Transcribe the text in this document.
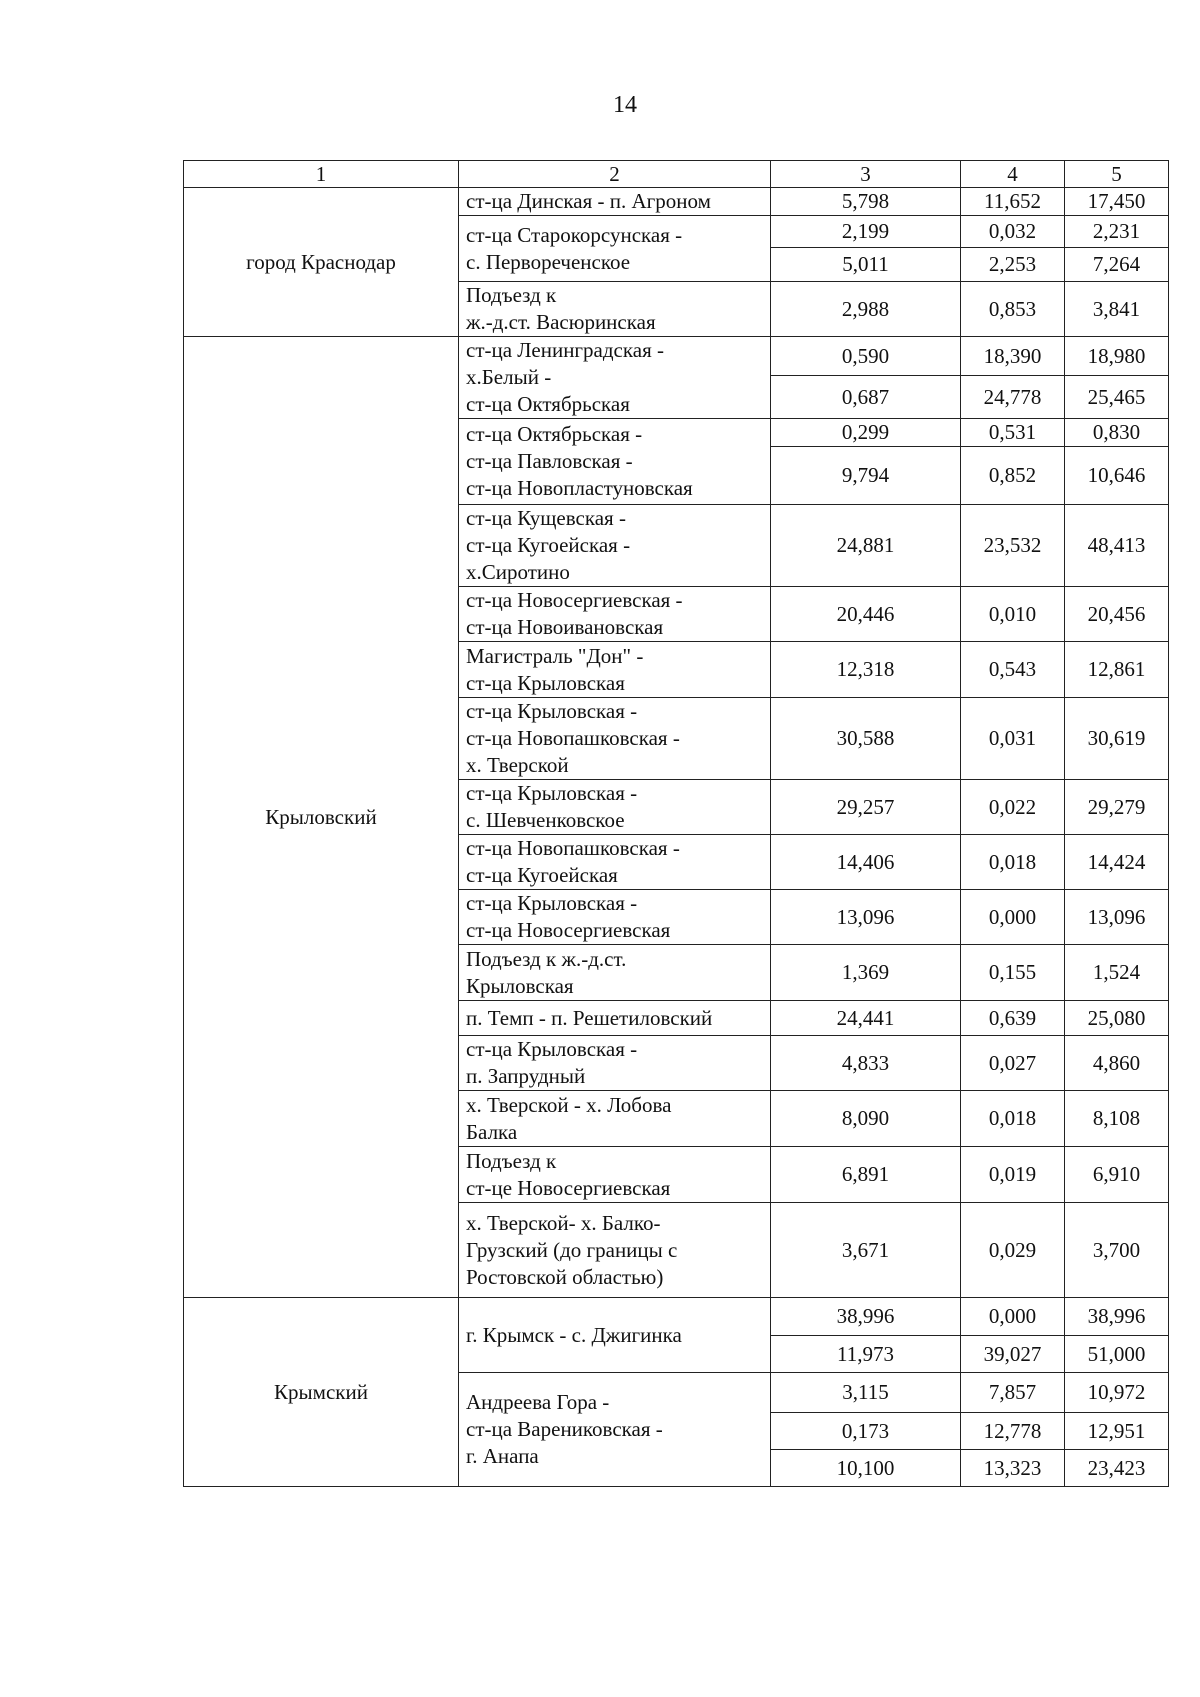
14
1	2	3	4	5
город Краснодар	ст-ца Динская - п. Агроном	5,798	11,652	17,450

	ст-ца Старокорсунская -
с. Первореченское	2,199	0,032	2,231
		5,011	2,253	7,264

	Подъезд к
ж.-д.ст. Васюринская	2,988	0,853	3,841
Крыловский	ст-ца Ленинградская -
х.Белый -
ст-ца Октябрьская	0,590	18,390	18,980
		0,687	24,778	25,465

	ст-ца Октябрьская -
ст-ца Павловская -
ст-ца Новопластуновская	0,299	0,531	0,830
		9,794	0,852	10,646

	ст-ца Кущевская -
ст-ца Кугоейская -
х.Сиротино	24,881	23,532	48,413

	ст-ца Новосергиевская -
ст-ца Новоивановская	20,446	0,010	20,456

	Магистраль "Дон" -
ст-ца Крыловская	12,318	0,543	12,861

	ст-ца Крыловская -
ст-ца Новопашковская -
х. Тверской	30,588	0,031	30,619

	ст-ца Крыловская -
с. Шевченковское	29,257	0,022	29,279

	ст-ца Новопашковская -
ст-ца Кугоейская	14,406	0,018	14,424

	ст-ца Крыловская -
ст-ца Новосергиевская	13,096	0,000	13,096

	Подъезд к ж.-д.ст.
Крыловская	1,369	0,155	1,524

	п. Темп - п. Решетиловский	24,441	0,639	25,080

	ст-ца Крыловская -
п. Запрудный	4,833	0,027	4,860

	х. Тверской - х. Лобова
Балка	8,090	0,018	8,108

	Подъезд к
ст-це Новосергиевская	6,891	0,019	6,910

	х. Тверской- х. Балко-
Грузский (до границы с
Ростовской областью)	3,671	0,029	3,700
Крымский	г. Крымск - с. Джигинка	38,996	0,000	38,996
		11,973	39,027	51,000

	Андреева Гора -
ст-ца Варениковская -
г. Анапа	3,115	7,857	10,972
		0,173	12,778	12,951
		10,100	13,323	23,423
